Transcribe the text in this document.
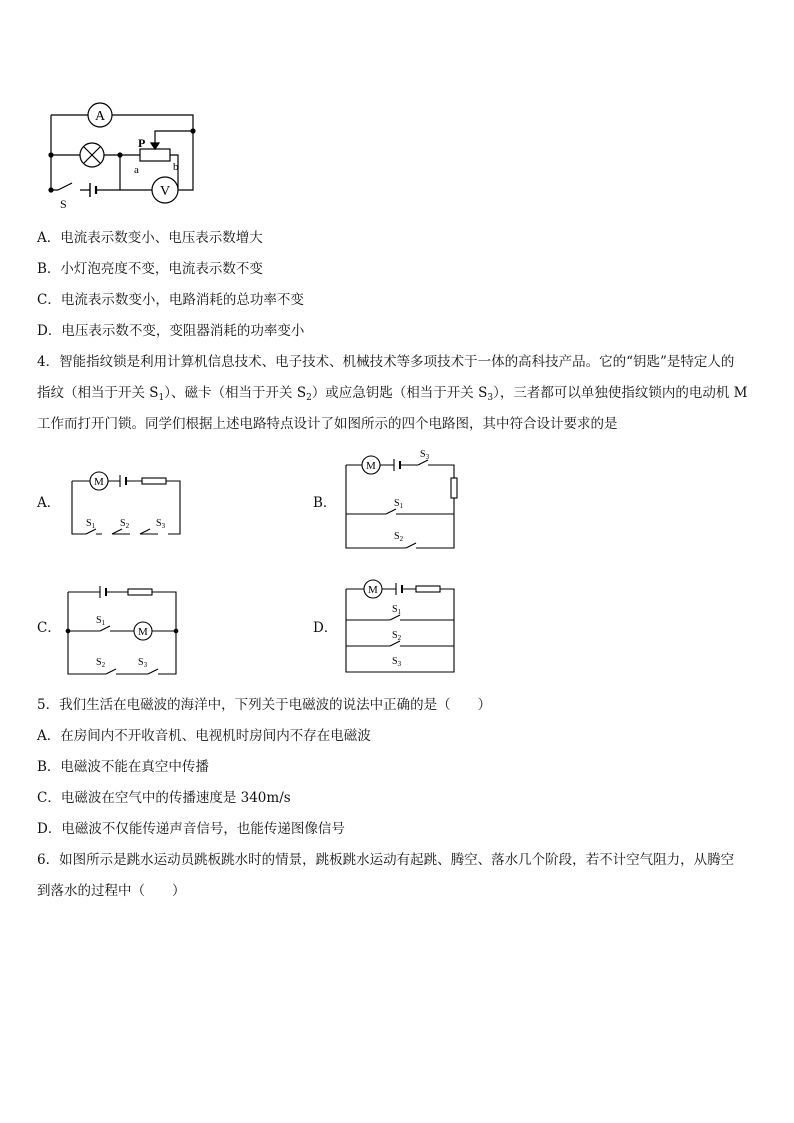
A
V
P
a	b
S
A．电流表示数变小、电压表示数增大
B．小灯泡亮度不变，电流表示数不变
C．电流表示数变小，电路消耗的总功率不变
D．电压表示数不变，变阻器消耗的功率变小
4．智能指纹锁是利用计算机信息技术、电子技术、机械技术等多项技术于一体的高科技产品。它的“钥匙”是特定人的
指纹（相当于开关 $S_1$）、磁卡（相当于开关 $S_2$）或应急钥匙（相当于开关 $S_3$），三者都可以单独使指纹锁内的电动机 M
工作而打开门锁。同学们根据上述电路特点设计了如图所示的四个电路图，其中符合设计要求的是
A．	B．
C．	D．
M
$S_1$ $S_2$	$S_3$
M
$S_3$
$S_1$
$S_2$
M
$S_1$
$S_2$	$S_3$
M
$S_1$
$S_2$
$S_3$
5．我们生活在电磁波的海洋中，下列关于电磁波的说法中正确的是（　　）
A．在房间内不开收音机、电视机时房间内不存在电磁波
B．电磁波不能在真空中传播
C．电磁波在空气中的传播速度是 340m/s
D．电磁波不仅能传递声音信号，也能传递图像信号
6．如图所示是跳水运动员跳板跳水时的情景，跳板跳水运动有起跳、腾空、落水几个阶段，若不计空气阻力，从腾空
到落水的过程中（　　）
